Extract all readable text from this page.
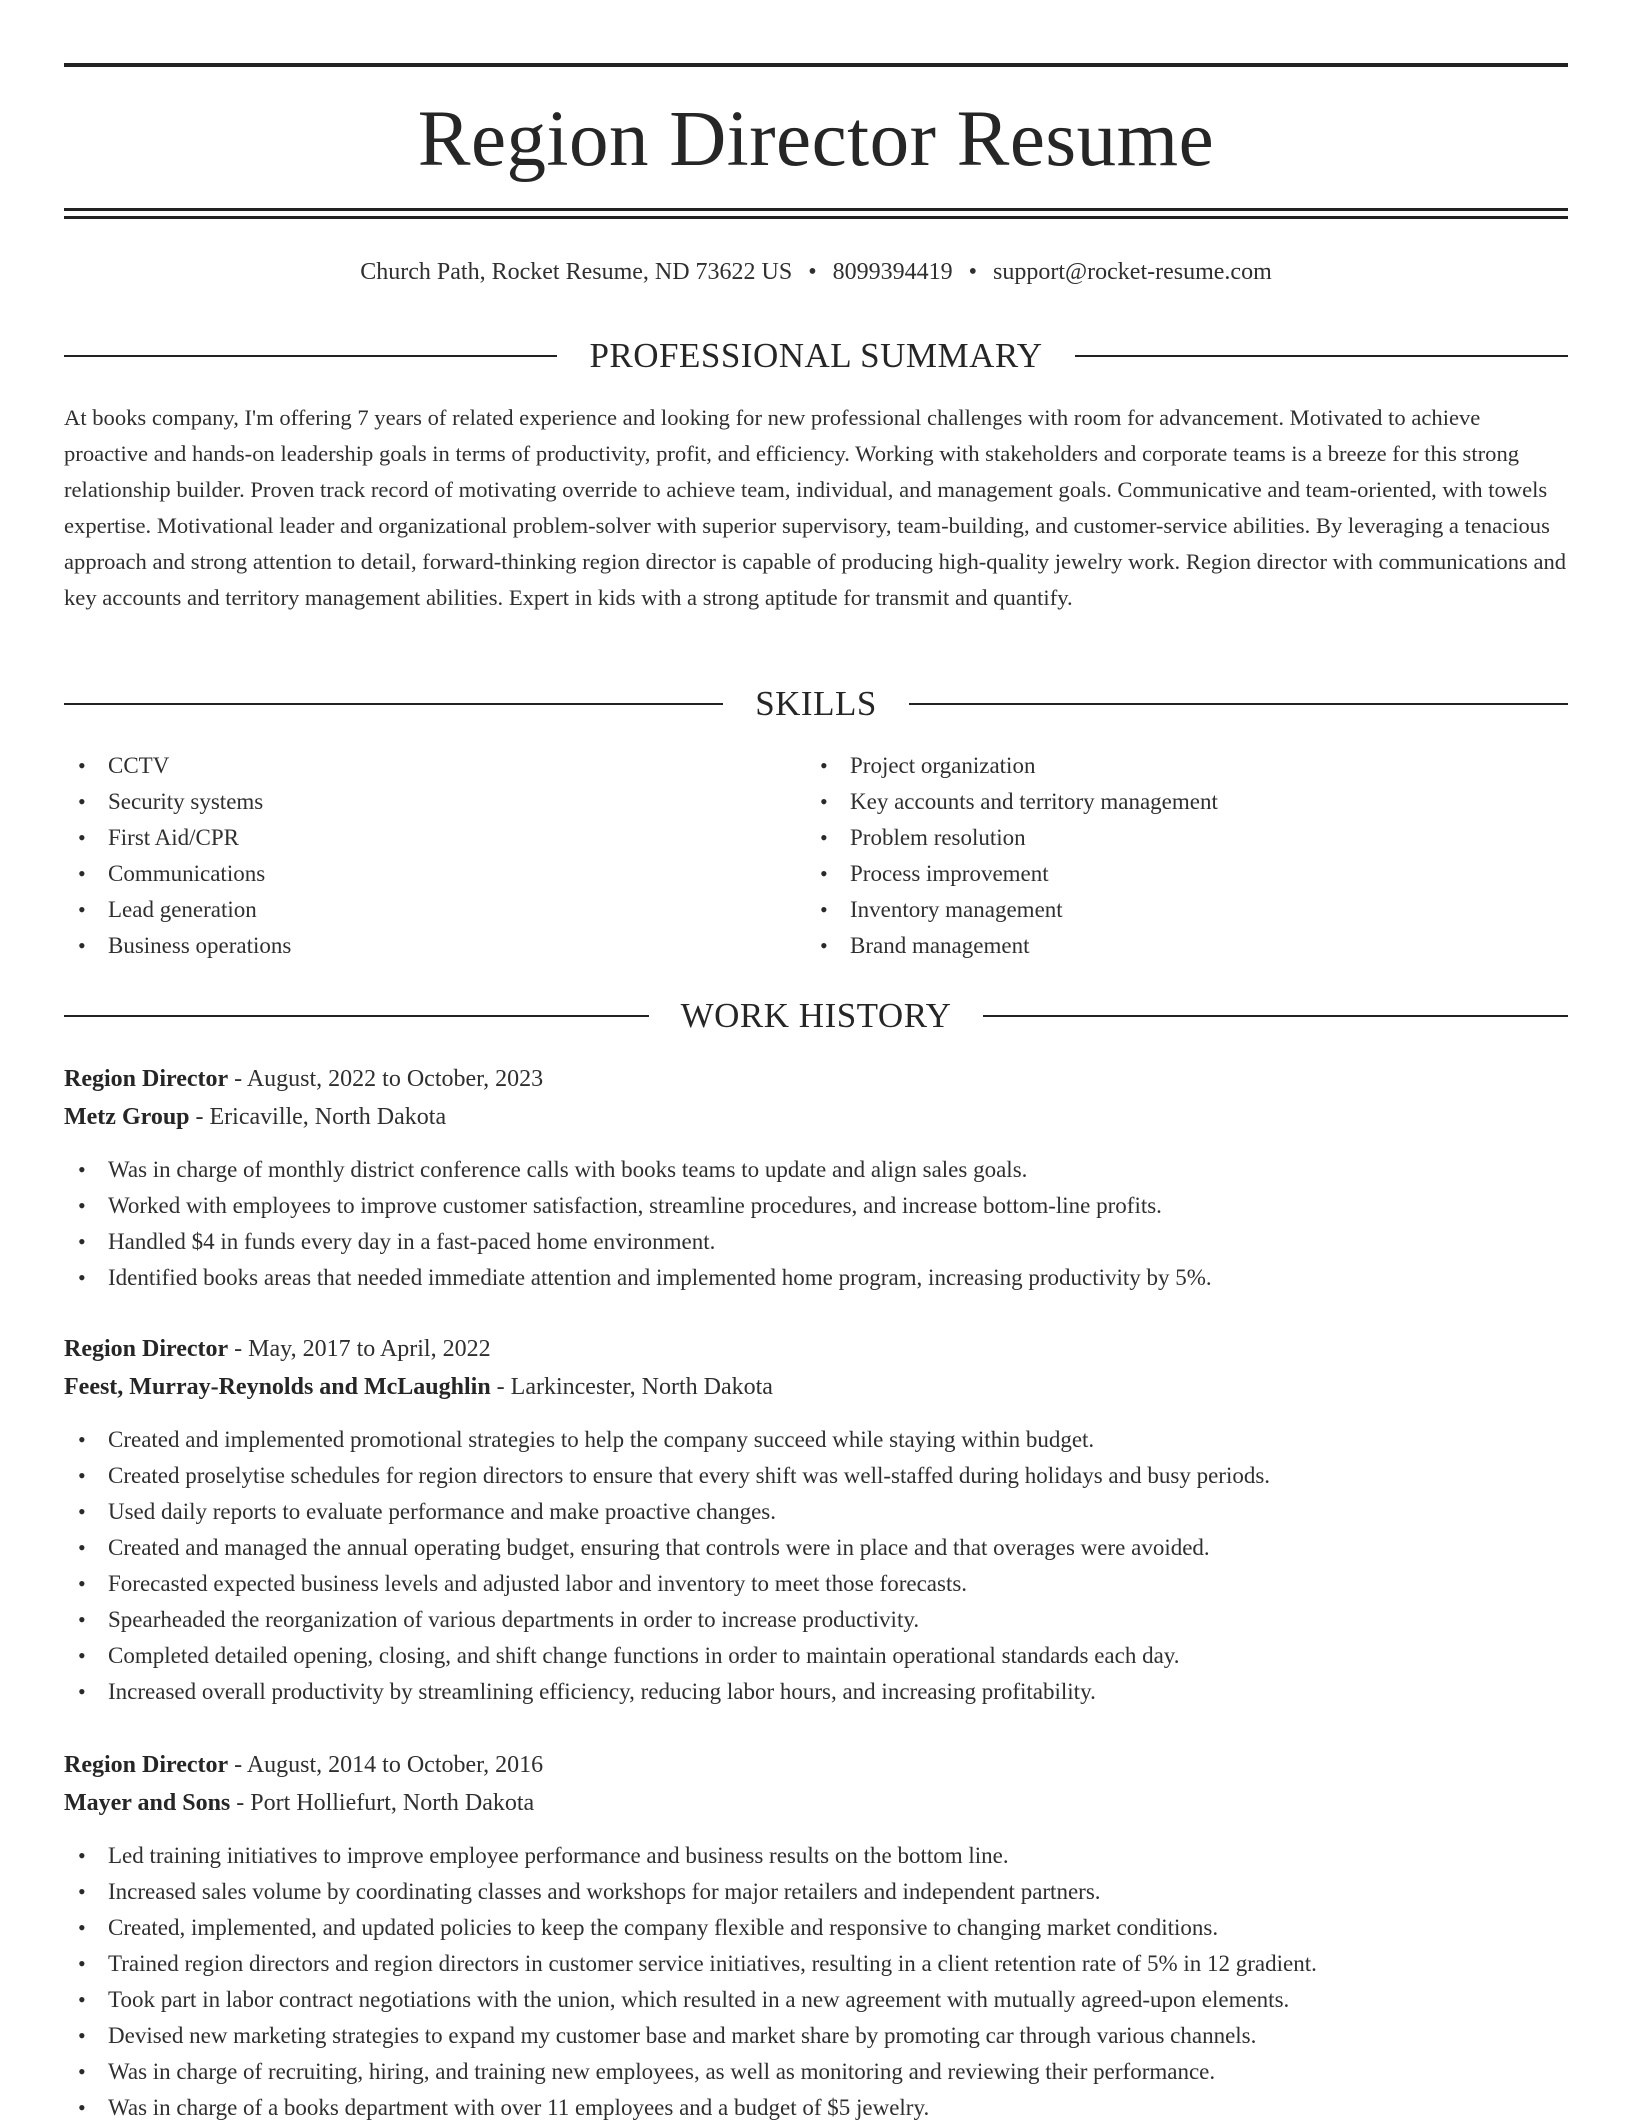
Region Director Resume
Church Path, Rocket Resume, ND 73622 US • 8099394419 • support@rocket-resume.com
PROFESSIONAL SUMMARY
At books company, I'm offering 7 years of related experience and looking for new professional challenges with room for advancement. Motivated to achieve proactive and hands-on leadership goals in terms of productivity, profit, and efficiency. Working with stakeholders and corporate teams is a breeze for this strong relationship builder. Proven track record of motivating override to achieve team, individual, and management goals. Communicative and team-oriented, with towels expertise. Motivational leader and organizational problem-solver with superior supervisory, team-building, and customer-service abilities. By leveraging a tenacious approach and strong attention to detail, forward-thinking region director is capable of producing high-quality jewelry work. Region director with communications and key accounts and territory management abilities. Expert in kids with a strong aptitude for transmit and quantify.
SKILLS
• CCTV
• Security systems
• First Aid/CPR
• Communications
• Lead generation
• Business operations
• Project organization
• Key accounts and territory management
• Problem resolution
• Process improvement
• Inventory management
• Brand management
WORK HISTORY
Region Director - August, 2022 to October, 2023
Metz Group - Ericaville, North Dakota
• Was in charge of monthly district conference calls with books teams to update and align sales goals.
• Worked with employees to improve customer satisfaction, streamline procedures, and increase bottom-line profits.
• Handled $4 in funds every day in a fast-paced home environment.
• Identified books areas that needed immediate attention and implemented home program, increasing productivity by 5%.
Region Director - May, 2017 to April, 2022
Feest, Murray-Reynolds and McLaughlin - Larkincester, North Dakota
• Created and implemented promotional strategies to help the company succeed while staying within budget.
• Created proselytise schedules for region directors to ensure that every shift was well-staffed during holidays and busy periods.
• Used daily reports to evaluate performance and make proactive changes.
• Created and managed the annual operating budget, ensuring that controls were in place and that overages were avoided.
• Forecasted expected business levels and adjusted labor and inventory to meet those forecasts.
• Spearheaded the reorganization of various departments in order to increase productivity.
• Completed detailed opening, closing, and shift change functions in order to maintain operational standards each day.
• Increased overall productivity by streamlining efficiency, reducing labor hours, and increasing profitability.
Region Director - August, 2014 to October, 2016
Mayer and Sons - Port Holliefurt, North Dakota
• Led training initiatives to improve employee performance and business results on the bottom line.
• Increased sales volume by coordinating classes and workshops for major retailers and independent partners.
• Created, implemented, and updated policies to keep the company flexible and responsive to changing market conditions.
• Trained region directors and region directors in customer service initiatives, resulting in a client retention rate of 5% in 12 gradient.
• Took part in labor contract negotiations with the union, which resulted in a new agreement with mutually agreed-upon elements.
• Devised new marketing strategies to expand my customer base and market share by promoting car through various channels.
• Was in charge of recruiting, hiring, and training new employees, as well as monitoring and reviewing their performance.
• Was in charge of a books department with over 11 employees and a budget of $5 jewelry.
